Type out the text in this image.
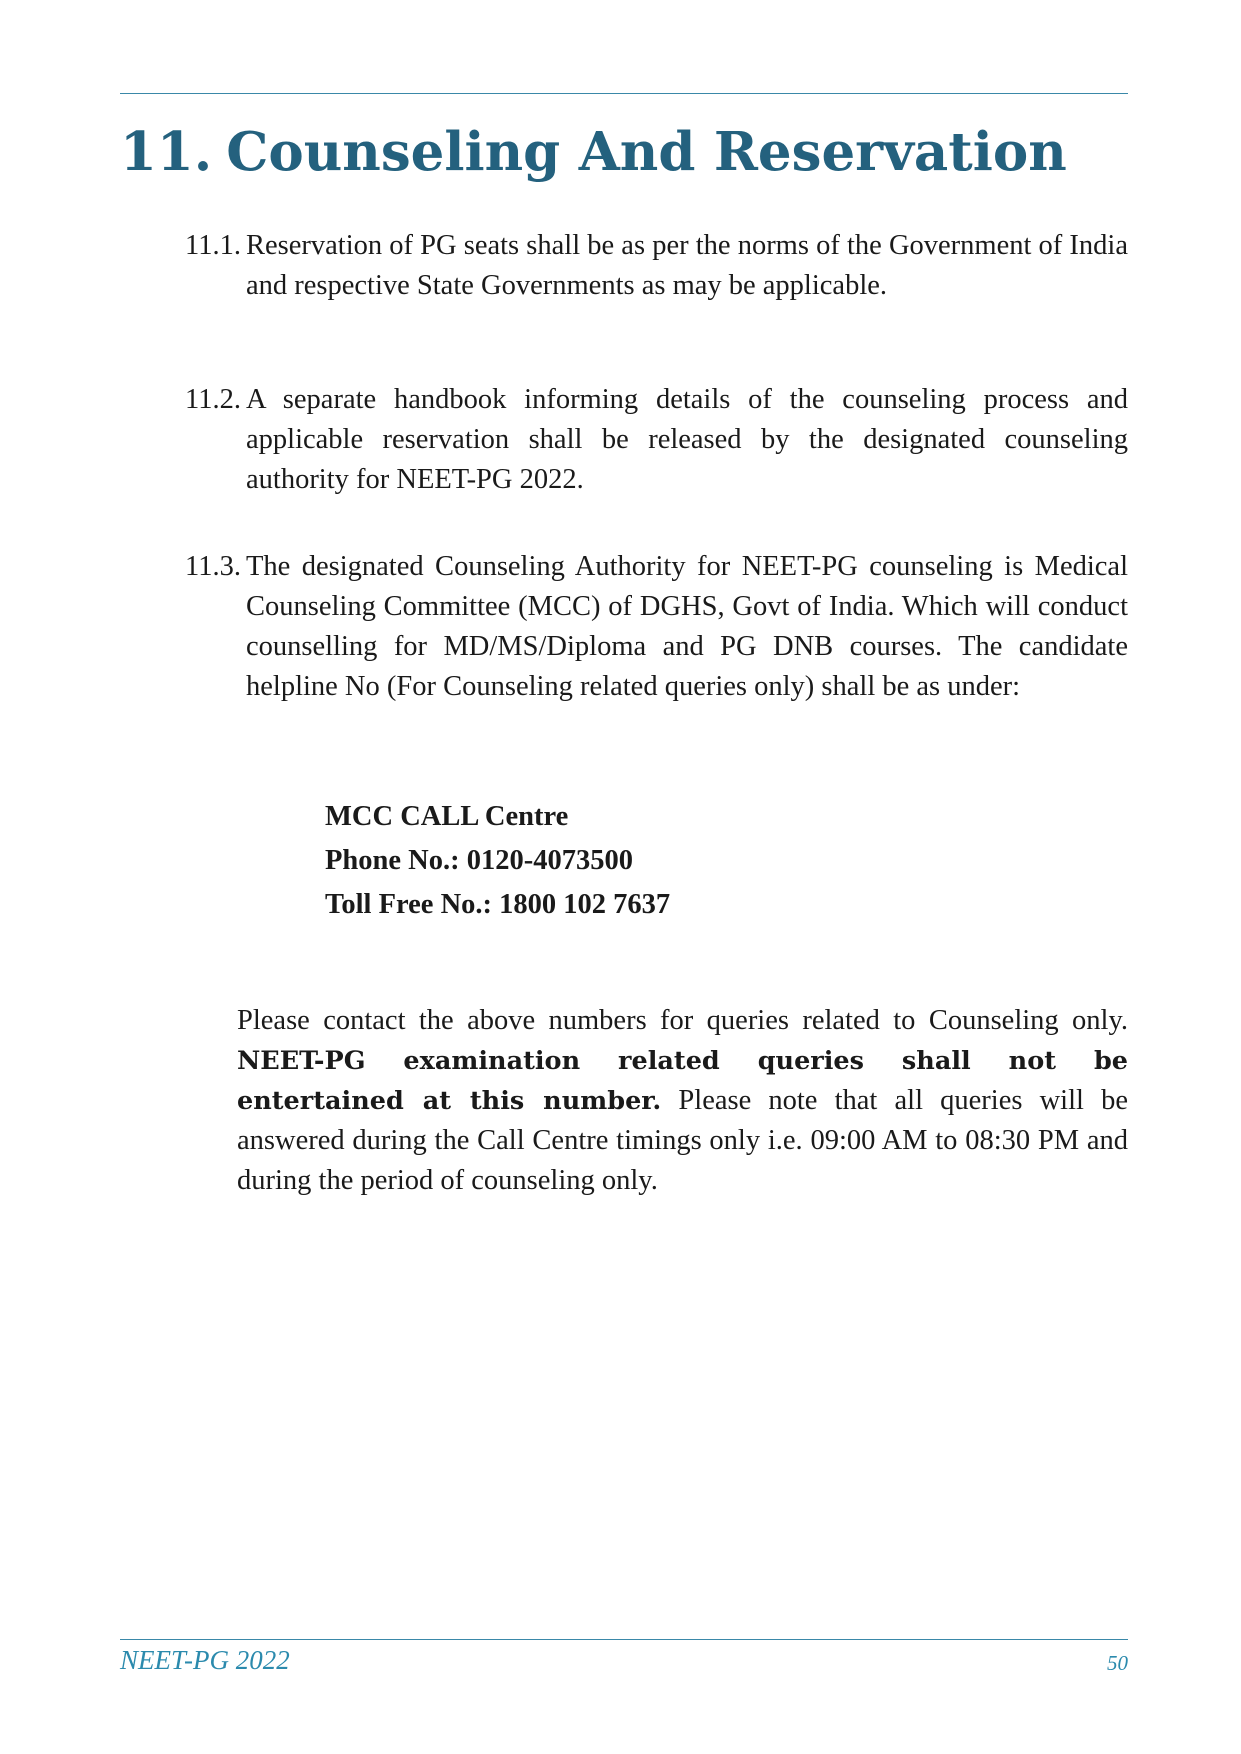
11. Counseling And Reservation
11.1. Reservation of PG seats shall be as per the norms of the Government of India and respective State Governments as may be applicable.
11.2. A separate handbook informing details of the counseling process and applicable reservation shall be released by the designated counseling authority for NEET-PG 2022.
11.3. The designated Counseling Authority for NEET-PG counseling is Medical Counseling Committee (MCC) of DGHS, Govt of India. Which will conduct counselling for MD/MS/Diploma and PG DNB courses. The candidate helpline No (For Counseling related queries only) shall be as under:
MCC CALL Centre
Phone No.: 0120-4073500
Toll Free No.: 1800 102 7637

Please contact the above numbers for queries related to Counseling only. NEET-PG examination related queries shall not be entertained at this number. Please note that all queries will be answered during the Call Centre timings only i.e. 09:00 AM to 08:30 PM and during the period of counseling only.

NEET-PG 2022	50
